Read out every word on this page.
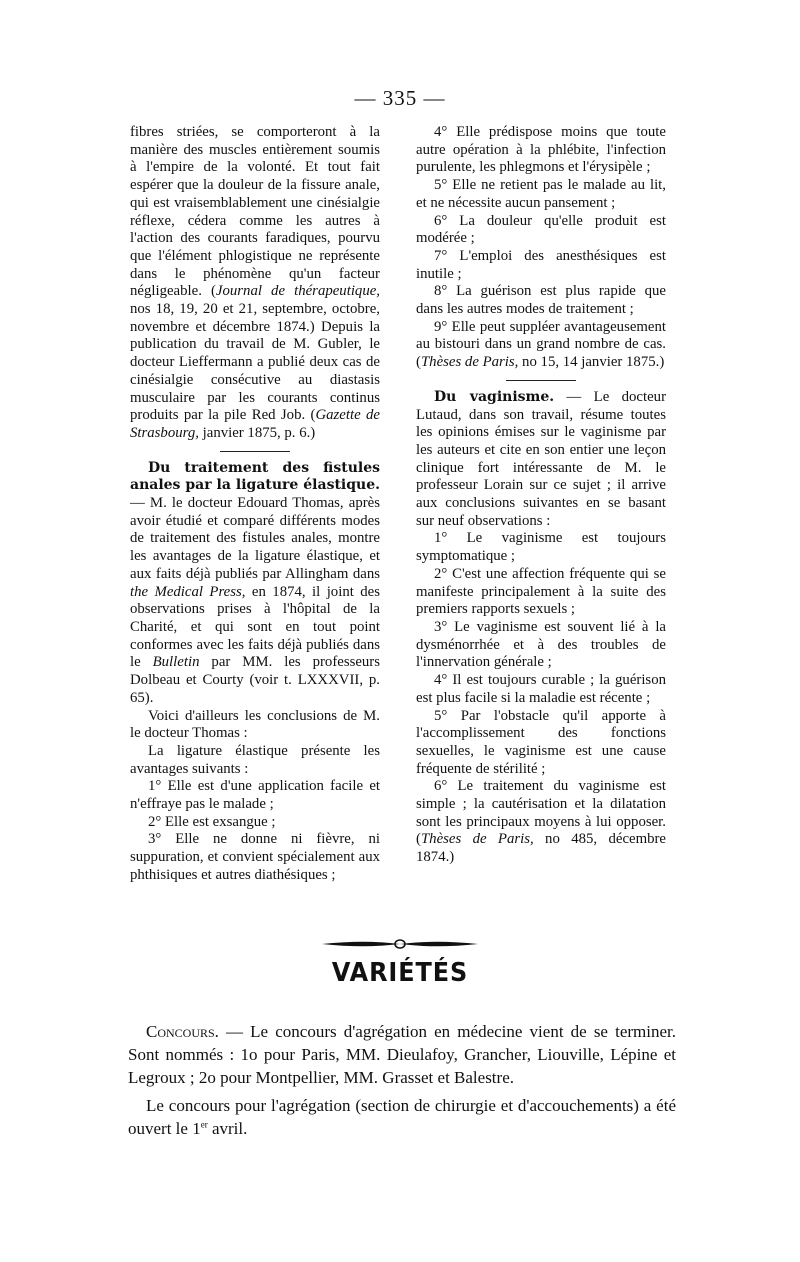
— 335 —

fibres striées, se comporteront à la manière des muscles entièrement soumis à l'empire de la volonté. Et tout fait espérer que la douleur de la fissure anale, qui est vraisemblablement une cinésialgie réflexe, cédera comme les autres à l'action des courants faradiques, pourvu que l'élément phlogistique ne représente dans le phénomène qu'un facteur négligeable. (Journal de thérapeutique, nos 18, 19, 20 et 21, septembre, octobre, novembre et décembre 1874.) Depuis la publication du travail de M. Gubler, le docteur Lieffermann a publié deux cas de cinésialgie consécutive au diastasis musculaire par les courants continus produits par la pile Red Job. (Gazette de Strasbourg, janvier 1875, p. 6.)

Du traitement des fistules anales par la ligature élastique. — M. le docteur Edouard Thomas, après avoir étudié et comparé différents modes de traitement des fistules anales, montre les avantages de la ligature élastique, et aux faits déjà publiés par Allingham dans the Medical Press, en 1874, il joint des observations prises à l'hôpital de la Charité, et qui sont en tout point conformes avec les faits déjà publiés dans le Bulletin par MM. les professeurs Dolbeau et Courty (voir t. LXXXVII, p. 65).

Voici d'ailleurs les conclusions de M. le docteur Thomas :

La ligature élastique présente les avantages suivants :

1° Elle est d'une application facile et n'effraye pas le malade ;

2° Elle est exsangue ;

3° Elle ne donne ni fièvre, ni suppuration, et convient spécialement aux phthisiques et autres diathésiques ;

4° Elle prédispose moins que toute autre opération à la phlébite, l'infection purulente, les phlegmons et l'érysipèle ;

5° Elle ne retient pas le malade au lit, et ne nécessite aucun pansement ;

6° La douleur qu'elle produit est modérée ;

7° L'emploi des anesthésiques est inutile ;

8° La guérison est plus rapide que dans les autres modes de traitement ;

9° Elle peut suppléer avantageusement au bistouri dans un grand nombre de cas. (Thèses de Paris, no 15, 14 janvier 1875.)

Du vaginisme. — Le docteur Lutaud, dans son travail, résume toutes les opinions émises sur le vaginisme par les auteurs et cite en son entier une leçon clinique fort intéressante de M. le professeur Lorain sur ce sujet ; il arrive aux conclusions suivantes en se basant sur neuf observations :

1° Le vaginisme est toujours symptomatique ;

2° C'est une affection fréquente qui se manifeste principalement à la suite des premiers rapports sexuels ;

3° Le vaginisme est souvent lié à la dysménorrhée et à des troubles de l'innervation générale ;

4° Il est toujours curable ; la guérison est plus facile si la maladie est récente ;

5° Par l'obstacle qu'il apporte à l'accomplissement des fonctions sexuelles, le vaginisme est une cause fréquente de stérilité ;

6° Le traitement du vaginisme est simple ; la cautérisation et la dilatation sont les principaux moyens à lui opposer. (Thèses de Paris, no 485, décembre 1874.)

VARIÉTÉS

Concours. — Le concours d'agrégation en médecine vient de se terminer. Sont nommés : 1o pour Paris, MM. Dieulafoy, Grancher, Liouville, Lépine et Legroux ; 2o pour Montpellier, MM. Grasset et Balestre.

Le concours pour l'agrégation (section de chirurgie et d'accouchements) a été ouvert le 1er avril.
